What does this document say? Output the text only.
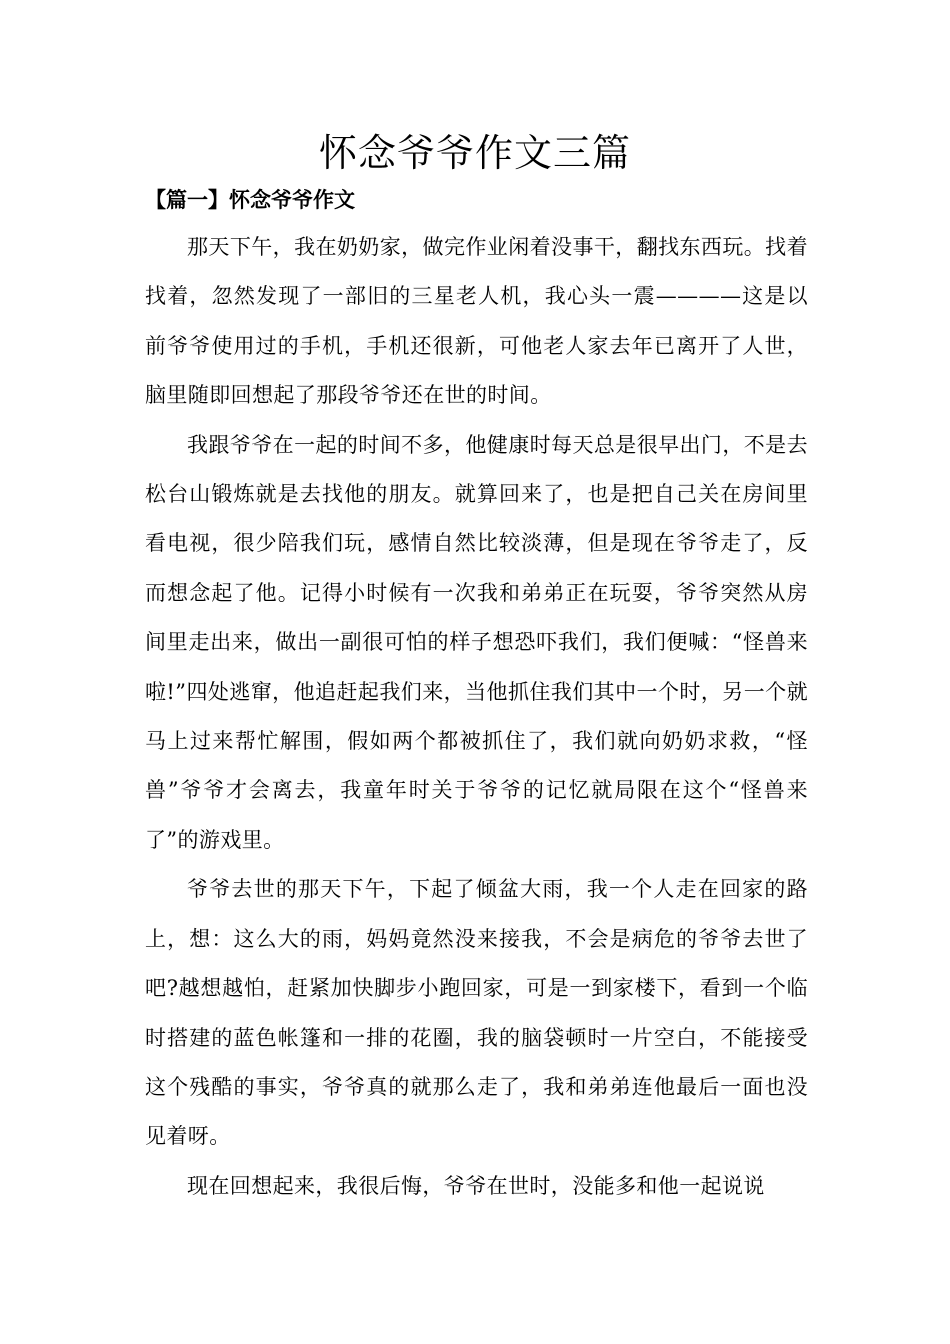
怀念爷爷作文三篇
【篇一】怀念爷爷作文

那天下午，我在奶奶家，做完作业闲着没事干，翻找东西玩。找着找着，忽然发现了一部旧的三星老人机，我心头一震————这是以前爷爷使用过的手机，手机还很新，可他老人家去年已离开了人世，脑里随即回想起了那段爷爷还在世的时间。

我跟爷爷在一起的时间不多，他健康时每天总是很早出门，不是去松台山锻炼就是去找他的朋友。就算回来了，也是把自己关在房间里看电视，很少陪我们玩，感情自然比较淡薄，但是现在爷爷走了，反而想念起了他。记得小时候有一次我和弟弟正在玩耍，爷爷突然从房间里走出来，做出一副很可怕的样子想恐吓我们，我们便喊：“怪兽来啦!”四处逃窜，他追赶起我们来，当他抓住我们其中一个时，另一个就马上过来帮忙解围，假如两个都被抓住了，我们就向奶奶求救，“怪兽”爷爷才会离去，我童年时关于爷爷的记忆就局限在这个“怪兽来了”的游戏里。

爷爷去世的那天下午，下起了倾盆大雨，我一个人走在回家的路上，想：这么大的雨，妈妈竟然没来接我，不会是病危的爷爷去世了吧?越想越怕，赶紧加快脚步小跑回家，可是一到家楼下，看到一个临时搭建的蓝色帐篷和一排的花圈，我的脑袋顿时一片空白，不能接受这个残酷的事实，爷爷真的就那么走了，我和弟弟连他最后一面也没见着呀。

现在回想起来，我很后悔，爷爷在世时，没能多和他一起说说
